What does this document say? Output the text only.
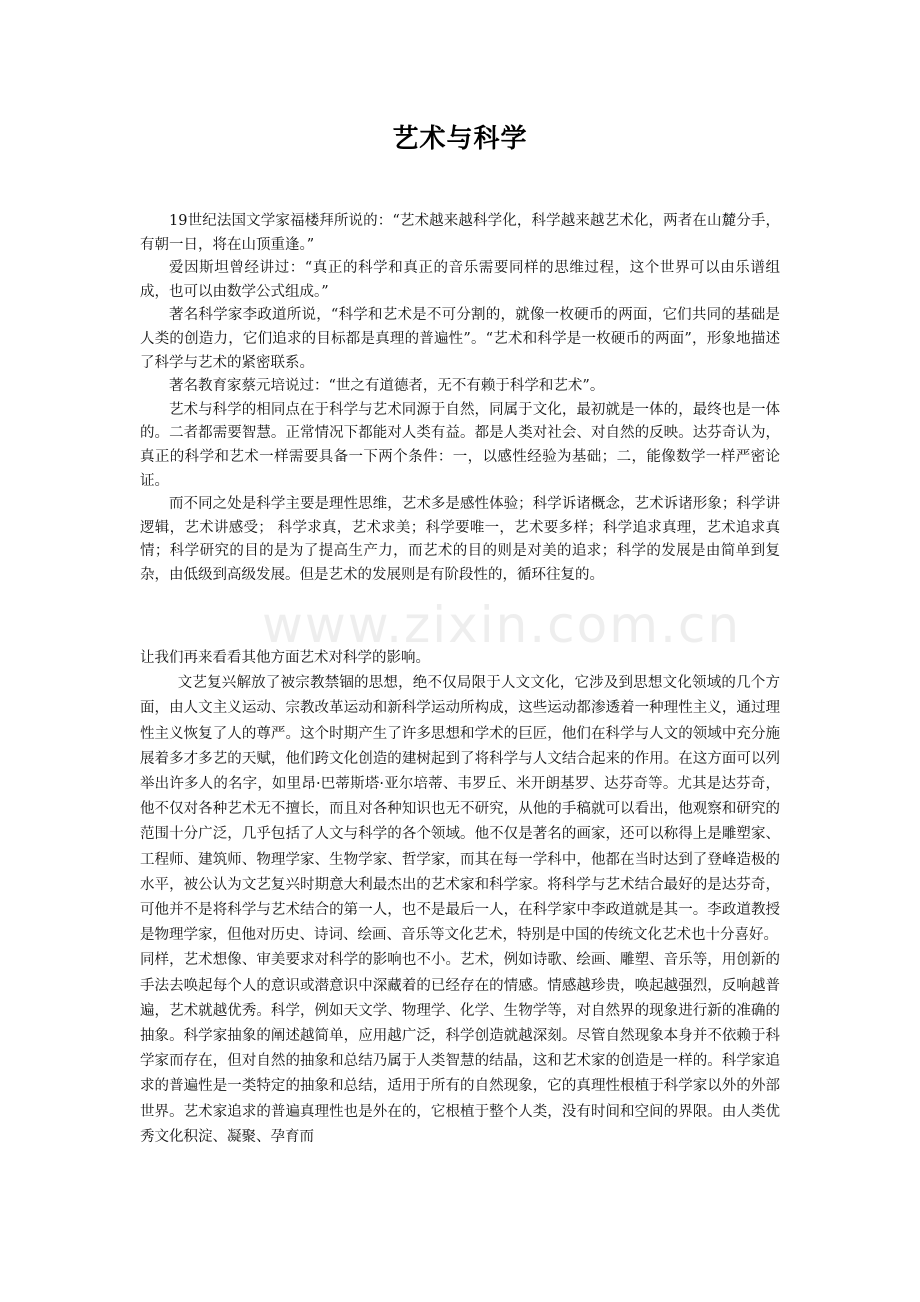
艺术与科学

19世纪法国文学家福楼拜所说的：“艺术越来越科学化，科学越来越艺术化，两者在山麓分手，有朝一日，将在山顶重逢。”

爱因斯坦曾经讲过：“真正的科学和真正的音乐需要同样的思维过程，这个世界可以由乐谱组成，也可以由数学公式组成。”

著名科学家李政道所说，“科学和艺术是不可分割的，就像一枚硬币的两面，它们共同的基础是人类的创造力，它们追求的目标都是真理的普遍性”。“艺术和科学是一枚硬币的两面”，形象地描述了科学与艺术的紧密联系。

著名教育家蔡元培说过：“世之有道德者，无不有赖于科学和艺术”。

艺术与科学的相同点在于科学与艺术同源于自然，同属于文化，最初就是一体的，最终也是一体的。二者都需要智慧。正常情况下都能对人类有益。都是人类对社会、对自然的反映。达芬奇认为，真正的科学和艺术一样需要具备一下两个条件：一，以感性经验为基础；二，能像数学一样严密论证。

而不同之处是科学主要是理性思维，艺术多是感性体验；科学诉诸概念，艺术诉诸形象；科学讲逻辑，艺术讲感受； 科学求真，艺术求美；科学要唯一，艺术要多样；科学追求真理，艺术追求真情；科学研究的目的是为了提高生产力，而艺术的目的则是对美的追求；科学的发展是由简单到复杂，由低级到高级发展。但是艺术的发展则是有阶段性的，循环往复的。

www.zixin.com.cn

让我们再来看看其他方面艺术对科学的影响。

文艺复兴解放了被宗教禁锢的思想，绝不仅局限于人文文化，它涉及到思想文化领域的几个方面，由人文主义运动、宗教改革运动和新科学运动所构成，这些运动都渗透着一种理性主义，通过理性主义恢复了人的尊严。这个时期产生了许多思想和学术的巨匠，他们在科学与人文的领域中充分施展着多才多艺的天赋，他们跨文化创造的建树起到了将科学与人文结合起来的作用。在这方面可以列举出许多人的名字，如里昂·巴蒂斯塔·亚尔培蒂、韦罗丘、米开朗基罗、达芬奇等。尤其是达芬奇，他不仅对各种艺术无不擅长，而且对各种知识也无不研究，从他的手稿就可以看出，他观察和研究的范围十分广泛，几乎包括了人文与科学的各个领域。他不仅是著名的画家，还可以称得上是雕塑家、工程师、建筑师、物理学家、生物学家、哲学家，而其在每一学科中，他都在当时达到了登峰造极的水平，被公认为文艺复兴时期意大利最杰出的艺术家和科学家。将科学与艺术结合最好的是达芬奇，可他并不是将科学与艺术结合的第一人，也不是最后一人，在科学家中李政道就是其一。李政道教授是物理学家，但他对历史、诗词、绘画、音乐等文化艺术，特别是中国的传统文化艺术也十分喜好。

同样，艺术想像、审美要求对科学的影响也不小。艺术，例如诗歌、绘画、雕塑、音乐等，用创新的手法去唤起每个人的意识或潜意识中深藏着的已经存在的情感。情感越珍贵，唤起越强烈，反响越普遍，艺术就越优秀。科学，例如天文学、物理学、化学、生物学等，对自然界的现象进行新的准确的抽象。科学家抽象的阐述越简单，应用越广泛，科学创造就越深刻。尽管自然现象本身并不依赖于科学家而存在，但对自然的抽象和总结乃属于人类智慧的结晶，这和艺术家的创造是一样的。科学家追求的普遍性是一类特定的抽象和总结，适用于所有的自然现象，它的真理性根植于科学家以外的外部世界。艺术家追求的普遍真理性也是外在的，它根植于整个人类，没有时间和空间的界限。由人类优秀文化积淀、凝聚、孕育而
